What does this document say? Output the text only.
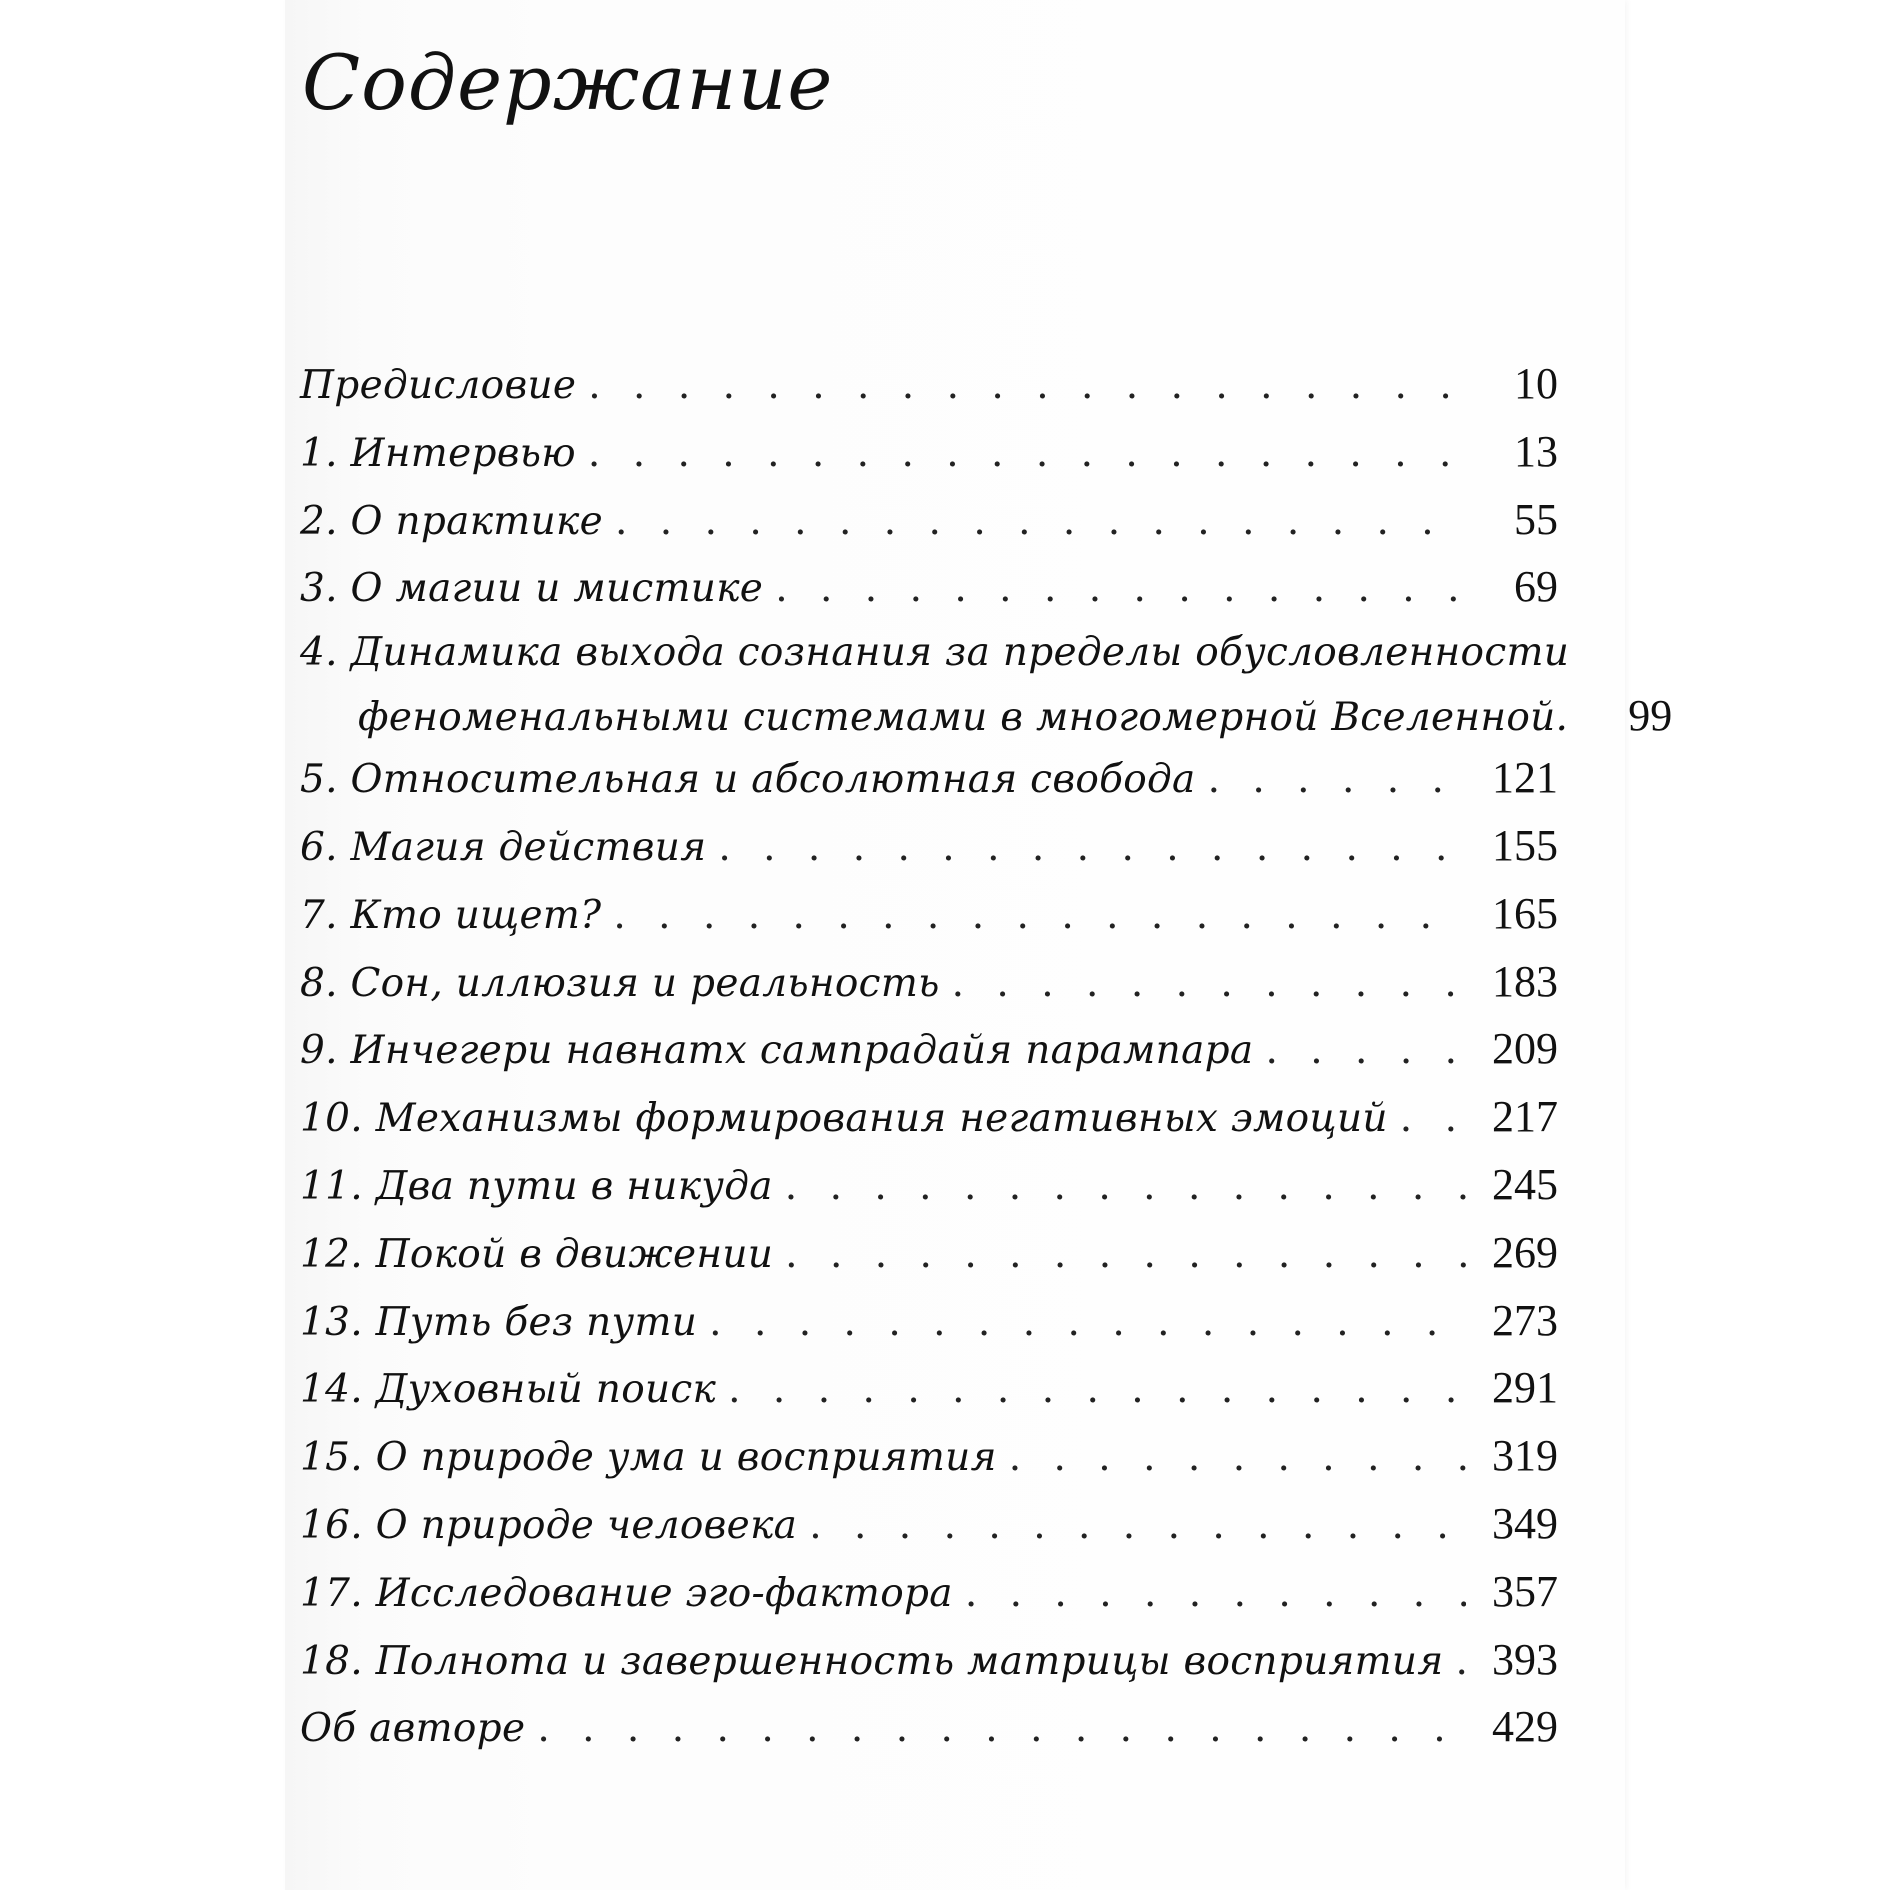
Содержание
Предисловие . . .	10
1. Интервью . . .	13
2. О практике . . .	55
3. О магии и мистике . . .	69
4. Динамика выхода сознания за пределы обусловленности
феноменальными системами в многомерной Вселенной.	99
5. Относительная и абсолютная свобода . . .	121
6. Магия действия . . .	155
7. Кто ищет? . . .	165
8. Сон, иллюзия и реальность . . .	183
9. Инчегери навнатх сампрадайя парампара . . .	209
10. Механизмы формирования негативных эмоций . . .	217
11. Два пути в никуда . . .	245
12. Покой в движении . . .	269
13. Путь без пути . . .	273
14. Духовный поиск . . .	291
15. О природе ума и восприятия . . .	319
16. О природе человека . . .	349
17. Исследование эго-фактора . . .	357
18. Полнота и завершенность матрицы восприятия . . .	393
Об авторе . . .	429
